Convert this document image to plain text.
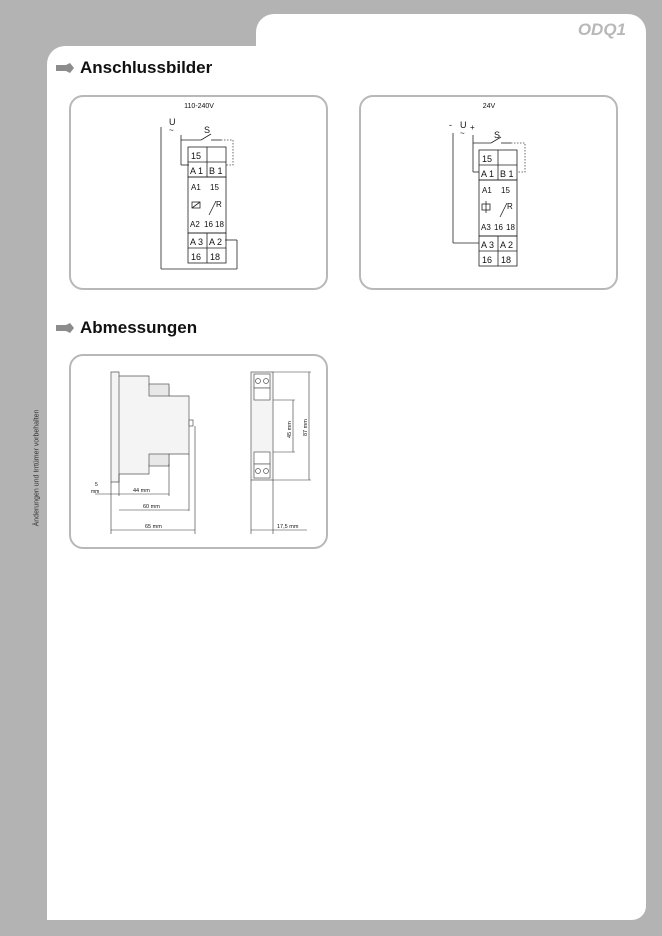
ODQ1
Änderungen und Irrtümer vorbehalten
Anschlussbilder
110-240V
U
~	S
15
A 1 B 1
A1 15
R
A2 16 18
A 3 A 2
16 18
24V
- U +
~	S
15
A 1 B 1
A1 15
R
A3 16 18
A 3 A 2
16 18
Abmessungen
5
mm	44 mm
60 mm
65 mm
45 mm 87 mm
17,5 mm
